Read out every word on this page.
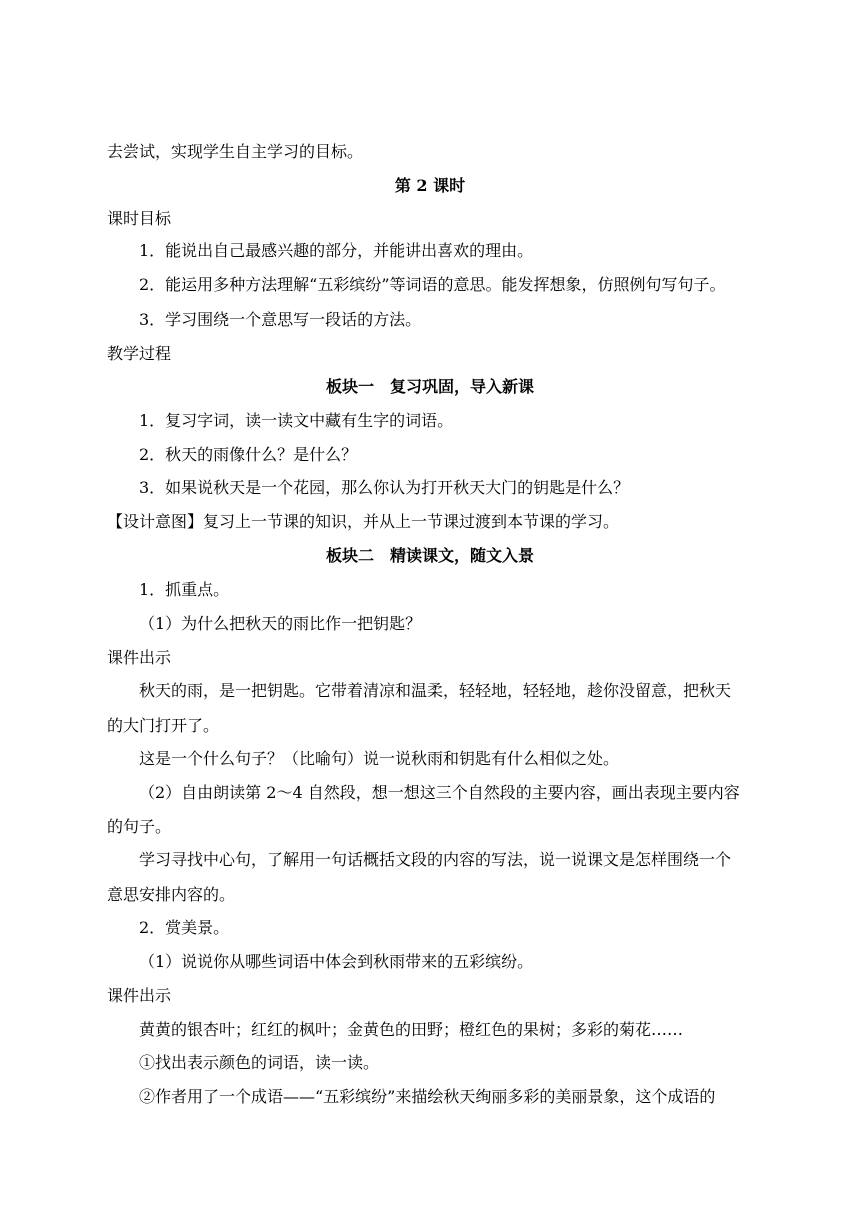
去尝试，实现学生自主学习的目标。
第 2 课时
课时目标
1．能说出自己最感兴趣的部分，并能讲出喜欢的理由。
2．能运用多种方法理解“五彩缤纷”等词语的意思。能发挥想象，仿照例句写句子。
3．学习围绕一个意思写一段话的方法。
教学过程
板块一　复习巩固，导入新课
1．复习字词，读一读文中藏有生字的词语。
2．秋天的雨像什么？是什么？
3．如果说秋天是一个花园，那么你认为打开秋天大门的钥匙是什么？
【设计意图】复习上一节课的知识，并从上一节课过渡到本节课的学习。
板块二　精读课文，随文入景
1．抓重点。
（1）为什么把秋天的雨比作一把钥匙？
课件出示
秋天的雨，是一把钥匙。它带着清凉和温柔，轻轻地，轻轻地，趁你没留意，把秋天
的大门打开了。
这是一个什么句子？（比喻句）说一说秋雨和钥匙有什么相似之处。
（2）自由朗读第 2～4 自然段，想一想这三个自然段的主要内容，画出表现主要内容
的句子。
学习寻找中心句，了解用一句话概括文段的内容的写法，说一说课文是怎样围绕一个
意思安排内容的。
2．赏美景。
（1）说说你从哪些词语中体会到秋雨带来的五彩缤纷。
课件出示
黄黄的银杏叶；红红的枫叶；金黄色的田野；橙红色的果树；多彩的菊花……
①找出表示颜色的词语，读一读。
②作者用了一个成语——“五彩缤纷”来描绘秋天绚丽多彩的美丽景象，这个成语的
